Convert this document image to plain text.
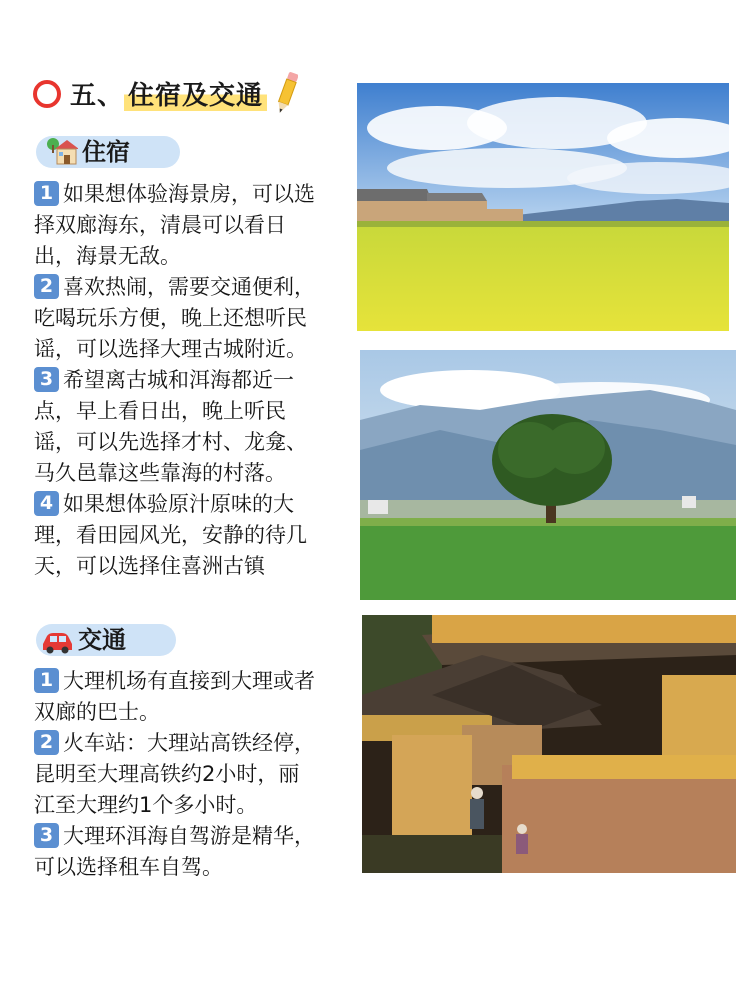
五、 住宿及交通
住宿
1 如果想体验海景房，可以选
择双廊海东，清晨可以看日
出，海景无敌。
2 喜欢热闹，需要交通便利，
吃喝玩乐方便，晚上还想听民
谣，可以选择大理古城附近。
3 希望离古城和洱海都近一
点，早上看日出，晚上听民
谣，可以先选择才村、龙龛、
马久邑靠这些靠海的村落。
4 如果想体验原汁原味的大
理，看田园风光，安静的待几
天，可以选择住喜洲古镇
交通
1 大理机场有直接到大理或者
双廊的巴士。
2 火车站：大理站高铁经停，
昆明至大理高铁约2小时，丽
江至大理约1个多小时。
3 大理环洱海自驾游是精华，
可以选择租车自驾。
